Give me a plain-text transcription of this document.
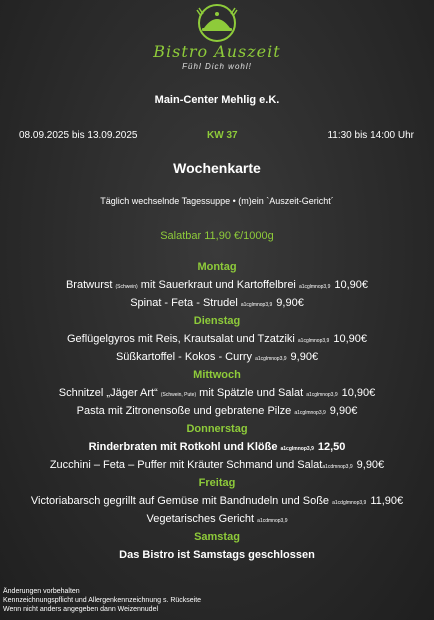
Bistro Auszeit
Fühl Dich wohl!
Main-Center Mehlig e.K.
08.09.2025 bis 13.09.2025	KW 37	11:30 bis 14:00 Uhr
Wochenkarte
Täglich wechselnde Tagessuppe • (m)ein `Auszeit-Gericht´
Salatbar 11,90 €/1000g
Montag
Bratwurst (Schwein) mit Sauerkraut und Kartoffelbrei a1cglmnop3,9 10,90€
Spinat - Feta - Strudel a1cglmnop3,9 9,90€
Dienstag
Geflügelgyros mit Reis, Krautsalat und Tzatziki a1cglmnop3,9 10,90€
Süßkartoffel - Kokos - Curry a1cglmnop3,9 9,90€
Mittwoch
Schnitzel „Jäger Art“ (Schwein, Pute) mit Spätzle und Salat a1cglmnop3,9 10,90€
Pasta mit Zitronensoße und gebratene Pilze a1cglmnop3,9 9,90€
Donnerstag
Rinderbraten mit Rotkohl und Klöße a1cglmnop3,9 12,50
Zucchini – Feta – Puffer mit Kräuter Schmand und Salata1cdmnop3,9 9,90€
Freitag
Victoriabarsch gegrillt auf Gemüse mit Bandnudeln und Soße a1cdglmnop3,9 11,90€
Vegetarisches Gericht a1cdmnop3,9
Samstag
Das Bistro ist Samstags geschlossen
Änderungen vorbehalten
Kennzeichnungspflicht und Allergenkennzeichnung s. Rückseite
Wenn nicht anders angegeben dann Weizennudel
